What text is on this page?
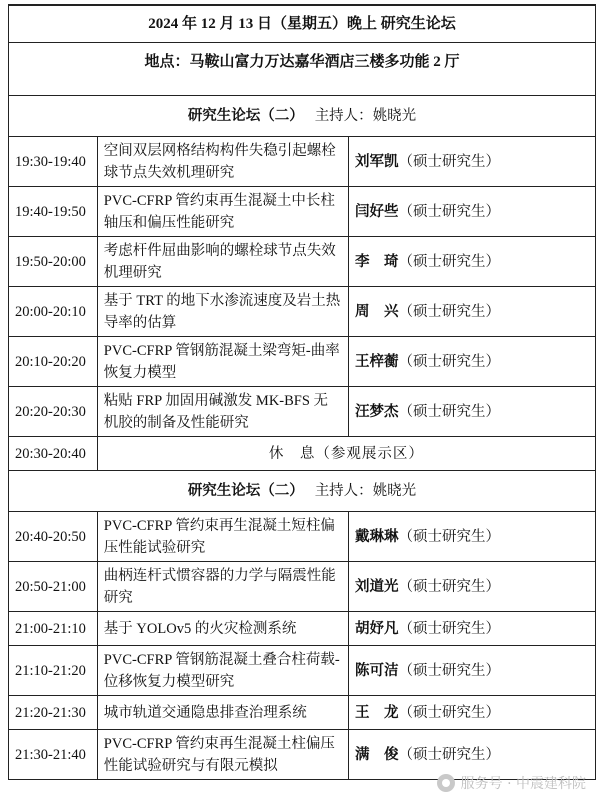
2024 年 12 月 13 日（星期五）晚上 研究生论坛		
地点：马鞍山富力万达嘉华酒店三楼多功能 2 厅		
研究生论坛（二） 主持人：姚晓光		
19:30-19:40	空间双层网格结构构件失稳引起螺栓球节点失效机理研究	刘军凯（硕士研究生）
19:40-19:50	PVC-CFRP 管约束再生混凝土中长柱轴压和偏压性能研究	闫好些（硕士研究生）
19:50-20:00	考虑杆件屈曲影响的螺栓球节点失效机理研究	李　琦（硕士研究生）
20:00-20:10	基于 TRT 的地下水渗流速度及岩土热导率的估算	周　兴（硕士研究生）
20:10-20:20	PVC-CFRP 管钢筋混凝土梁弯矩-曲率恢复力模型	王梓蘅（硕士研究生）
20:20-20:30	粘贴 FRP 加固用碱激发 MK-BFS 无机胶的制备及性能研究	汪梦杰（硕士研究生）
20:30-20:40	休　息（参观展示区）	
研究生论坛（二） 主持人：姚晓光		
20:40-20:50	PVC-CFRP 管约束再生混凝土短柱偏压性能试验研究	戴琳琳（硕士研究生）
20:50-21:00	曲柄连杆式惯容器的力学与隔震性能研究	刘道光（硕士研究生）
21:00-21:10	基于 YOLOv5 的火灾检测系统	胡妤凡（硕士研究生）
21:10-21:20	PVC-CFRP 管钢筋混凝土叠合柱荷载-位移恢复力模型研究	陈可洁（硕士研究生）
21:20-21:30	城市轨道交通隐患排查治理系统	王　龙（硕士研究生）
21:30-21:40	PVC-CFRP 管约束再生混凝土柱偏压性能试验研究与有限元模拟	满　俊（硕士研究生）
服务号 · 中震建科院
